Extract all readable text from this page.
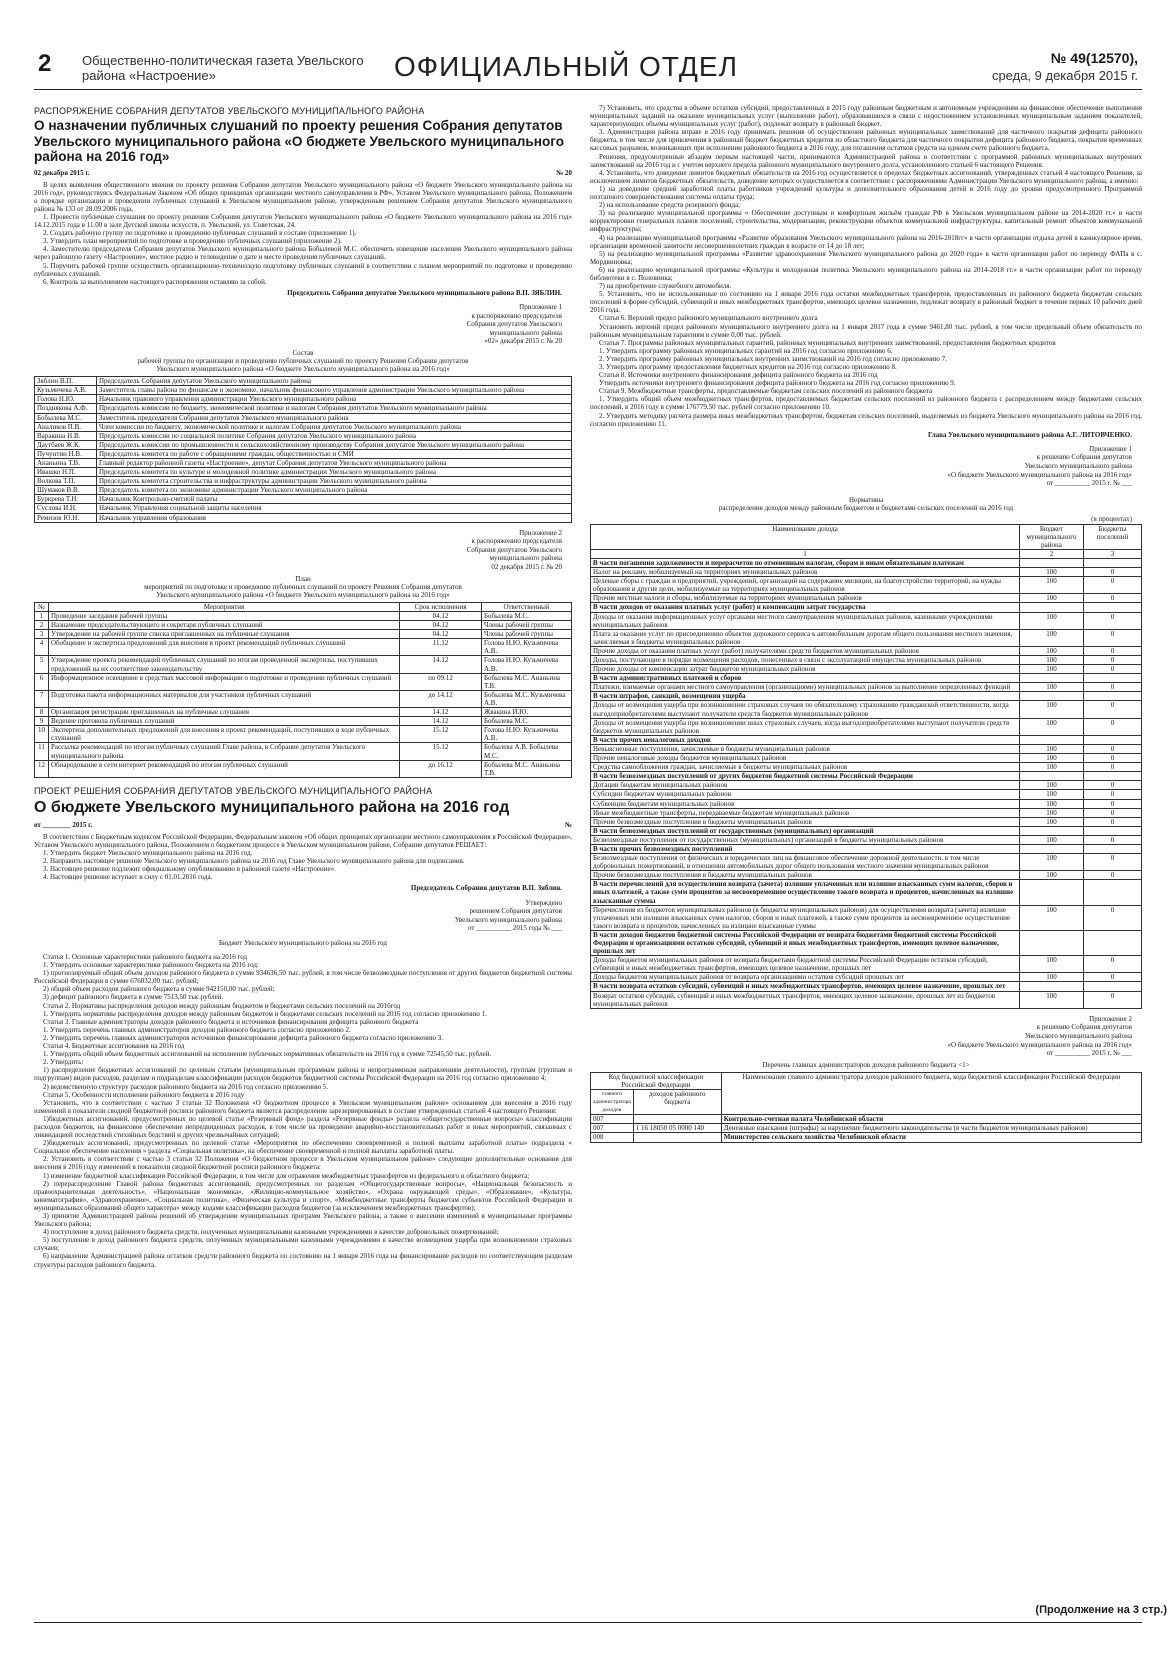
2 Общественно-политическая газета Увельского района «Настроение»	ОФИЦИАЛЬНЫЙ ОТДЕЛ	№ 49(12570),
среда, 9 декабря 2015 г.
РАСПОРЯЖЕНИЕ СОБРАНИЯ ДЕПУТАТОВ УВЕЛЬСКОГО МУНИЦИПАЛЬНОГО РАЙОНА
О назначении публичных слушаний по проекту решения Собрания депутатов Увельского муниципального района «О бюджете Увельского муниципального района на 2016 год»
02 декабря 2015 г.	№ 20

В целях выявления общественного мнения по проекту решения Собрания депутатов Увельского муниципального района «О бюджете Увельского муниципального района на 2016 год», руководствуясь Федеральным Законом «Об общих принципах организации местного самоуправления в РФ», Уставом Увельского муниципального района, Положением о порядке организации и проведении публичных слушаний в Увельском муниципальном районе, утвержденным решением Собрания депутатов Увельского муниципального района № 133 от 28.09.2006 года,

1. Провести публичные слушания по проекту решения Собрания депутатов Увельского муниципального района «О бюджете Увельского муниципального района на 2016 год» 14.12.2015 года в 11.00 в зале Детской школы искусств, п. Увельский, ул. Советская, 24.

2. Создать рабочую группу по подготовке и проведению публичных слушаний в составе (приложение 1).

3. Утвердить план мероприятий по подготовке и проведению публичных слушаний (приложение 2).

4. Заместителю председателя Собрания депутатов Увельского муниципального района Бобылевой М.С. обеспечить извещение населения Увельского муниципального района через районную газету «Настроение», местное радио и телевидение о дате и месте проведения публичных слушаний.

5. Поручить рабочей группе осуществить организационно-техническую подготовку публичных слушаний в соответствии с планом мероприятий по подготовке и проведению публичных слушаний.

6. Контроль за выполнением настоящего распоряжения оставляю за собой.

Председатель Собрания депутатов Увельского муниципального района В.П. ЗЯБЛИН.
Приложение 1
к распоряжению председателя
Собрания депутатов Увельского
муниципального района
«02» декабря 2015 г. № 20
Состав
рабочей группы по организации и проведению публичных слушаний по проекту Решения Собрания депутатов
Увельского муниципального района «О бюджете Увельского муниципального района на 2016 год»
Зяблин В.П.	Председатель Собрания депутатов Увельского муниципального района
Кузьмичева А.В.	Заместитель главы района по финансам и экономике, начальник финансового управления администрации Увельского муниципального района
Голова Н.Ю.	Начальник правового управления администрации Увельского муниципального района
Позднякова А.Ф.	Председатель комиссии по бюджету, экономической политике и налогам Собрания депутатов Увельского муниципального района
Бобылева М.С.	Заместитель председателя Собрания депутатов Увельского муниципального района
Аналиков П.В.	Член комиссии по бюджету, экономической политике и налогам Собрания депутатов Увельского муниципального района
Варакина Н.В.	Председатель комиссии по социальной политике Собрания депутатов Увельского муниципального района
Даутбаев Ж.К.	Председатель комиссии по промышленности и сельскохозяйственному производству Собрания депутатов Увельского муниципального района
Пучунтин Н.В.	Председатель комитета по работе с обращениями граждан, общественностью и СМИ
Ананьина Т.В.	Главный редактор районной газеты «Настроение», депутат Собрания депутатов Увельского муниципального района
Ивашко Н.П.	Председатель комитета по культуре и молодежной политике администрации Увельского муниципального района
Волкова Т.П.	Председатель комитета строительства и инфраструктуры администрации Увельского муниципального района
Шумаков В.В.	Председатель комитета по экономике администрации Увельского муниципального района
Буркрева Т.Н.	Начальник Контрольно-счетной палаты
Суслова И.Н.	Начальник Управления социальной защиты населения
Ремизов Ю.Н.	Начальник управления образования
Приложение 2
к распоряжению председателя
Собрания депутатов Увельского
муниципального района
02 декабря 2015 г. № 20
План
мероприятий по подготовке и проведению публичных слушаний по проекту Решения Собрания депутатов
Увельского муниципального района «О бюджете Увельского муниципального района на 2016 год»
№	Мероприятия	Срок исполнения	Ответственный
1	Проведение заседания рабочей группы	04.12	Бобылева М.С.
2	Назначение председательствующего и секретаря публичных слушаний	04.12	Члены рабочей группы
3	Утверждение на рабочей группе списка приглашенных на публичные слушания	04.12	Члены рабочей группы
4	Обобщение и экспертиза предложений для внесения в проект рекомендаций публичных слушаний	11.12	Голова Н.Ю. Кузьмичева А.В.
5	Утверждение проекта рекомендаций публичных слушаний по итогам проведенной экспертизы, поступивших предложений на их соответствие законодательству	14.12	Голова Н.Ю. Кузьмичева А.В.
6	Информационное освещение в средствах массовой информации о подготовке и проведении публичных слушаний	по 09.12	Бобылева М.С. Ананьина Т.В.
7	Подготовка пакета информационных материалов для участников публичных слушаний	до 14.12	Бобылева М.С. Кузьмичева А.В.
8	Организация регистрации приглашенных на публичные слушания	14.12	Жвакина И.Ю.
9	Ведение протокола публичных слушаний	14.12	Бобылева М.С.
10	Экспертиза дополнительных предложений для внесения в проект рекомендаций, поступивших в ходе публичных слушаний	15.12	Голова Н.Ю. Кузьмичева А.В.
11	Рассылка рекомендаций по итогам публичных слушаний Главе района, в Собрание депутатов Увельского муниципального района	15.12	Бобылева А.В. Бобылева М.С.
12	Обнародование в сети интернет рекомендаций по итогам публичных слушаний	до 16.12	Бобылева М.С. Ананьина Т.В.
ПРОЕКТ РЕШЕНИЯ СОБРАНИЯ ДЕПУТАТОВ УВЕЛЬСКОГО МУНИЦИПАЛЬНОГО РАЙОНА
О бюджете Увельского муниципального района на 2016 год
от ________ 2015 г.	№

В соответствии с Бюджетным кодексом Российской Федерации, Федеральным законом «Об общих принципах организации местного самоуправления в Российской Федерации», Уставом Увельского муниципального района, Положением о бюджетном процессе в Увельском муниципальном районе, Собрание депутатов РЕШАЕТ:

1. Утвердить бюджет Увельского муниципального района на 2016 год.

2. Направить настоящее решение Увельского муниципального района на 2016 год Главе Увельского муниципального района для подписания.

3. Настоящее решение подлежит официальному опубликованию в районной газете «Настроение».

4. Настоящее решение вступает в силу с 01.01.2016 года.

Председатель Собрания депутатов В.П. Зяблин.
Утверждено
решением Собрания депутатов
Увельского муниципального района
от __________ 2015 года № ___
Бюджет Увельского муниципального района на 2016 год

Статья 1. Основные характеристики районного бюджета на 2016 год

1. Утвердить основные характеристики районного бюджета на 2016 год:

1) прогнозируемый общий объем доходов районного бюджета в сумме 934636,50 тыс. рублей, в том числе безвозмездные поступления от других бюджетов бюджетной системы Российской Федерации в сумме 676032,00 тыс. рублей;

2) общий объем расходов районного бюджета в сумме 942150,00 тыс. рублей;

3) дефицит районного бюджета в сумме 7513,50 тыс.рублей.

Статья 2. Нормативы распределения доходов между районным бюджетом и бюджетами сельских поселений на 2016год

1. Утвердить нормативы распределения доходов между районным бюджетом и бюджетами сельских поселений на 2016 год согласно приложению 1.

Статья 3. Главные администраторы доходов районного бюджета и источников финансирования дефицита районного бюджета

1. Утвердить перечень главных администраторов доходов районного бюджета согласно приложению 2.

2. Утвердить перечень главных администраторов источников финансирования дефицита районного бюджета согласно приложению 3.

Статья 4. Бюджетные ассигнования на 2016 год

1. Утвердить общий объем бюджетных ассигнований на исполнение публичных нормативных обязательств на 2016 год в сумме 72545,50 тыс. рублей.

2. Утвердить:

1) распределение бюджетных ассигнований по целевым статьям (муниципальным программам района и непрограммным направлениям деятельности), группам (группам и подгруппам) видов расходов, разделам и подразделам классификации расходов бюджетов бюджетной системы Российской Федерации на 2016 год согласно приложению 4;

2) ведомственную структуру расходов районного бюджета на 2016 год согласно приложению 5.

Статья 5. Особенности исполнения районного бюджета в 2016 году

Установить, что в соответствии с частью 3 статьи 32 Положения «О бюджетном процессе в Увельском муниципальном районе» основанием для внесения в 2016 году изменений в показатели сводной бюджетной росписи районного бюджета является распределение зарезервированных в составе утвержденных статьей 4 настоящего Решения:

1)бюджетных ассигнований, предусмотренных по целевой статье «Резервный фонд» раздела «Резервные фонды» раздела «общегосударственные вопросы» классификации расходов бюджетов, на финансовое обеспечение непредвиденных расходов, в том числе на проведение аварийно-восстановительных работ и иных мероприятий, связанных с ликвидацией последствий стихийных бедствий и других чрезвычайных ситуаций;

2)бюджетных ассигнований, предусмотренных по целевой статье «Мероприятия по обеспечению своевременной и полной выплаты заработной платы» подраздела « Социальное обеспечение населения » раздела «Социальная политика», на обеспечение своевременной и полной выплаты заработной платы.

2. Установить в соответствии с частью 3 статьи 32 Положения «О бюджетном процессе в Увельском муниципальном районе» следующие дополнительные основания для внесения в 2016 году изменений в показатели сводной бюджетной росписи районного бюджета:

1) изменение бюджетной классификации Российской Федерации, в том числе для отражения межбюджетных трансфертов из федерального и областного бюджета;

2) перераспределение Главой района бюджетных ассигнований, предусмотренных по разделам «Общегосударственные вопросы», «Национальная безопасность и правоохранительная деятельность», «Национальная экономика», «Жилищно-коммунальное хозяйство», «Охрана окружающей среды», «Образование», «Культура, кинематография», «Здравоохранение», «Социальная политика», «Физическая культура и спорт», «Межбюджетные трансферты бюджетам субъектов Российской Федерации и муниципальных образований общего характера» между кодами классификации расходов бюджетов (за исключением межбюджетных трансфертов);

3) принятие Администрацией района решений об утверждении муниципальных программ Увельского района, а также о внесении изменений в муниципальные программы Увельского района;

4) поступление в доход районного бюджета средств, полученных муниципальными казенными учреждениями в качестве добровольных пожертвований;

5) поступление в доход районного бюджета средств, полученных муниципальными казенными учреждениями в качестве возмещения ущерба при возникновении страховых случаев;

6) направление Администрацией района остатков средств районного бюджета по состоянию на 1 января 2016 года на финансирование расходов по соответствующим разделам структуры расходов районного бюджета.

7) Установить, что средства в объеме остатков субсидий, предоставленных в 2015 году районным бюджетным и автономным учреждениям на финансовое обеспечение выполнения муниципальных заданий на оказание муниципальных услуг (выполнение работ), образовавшихся в связи с недостижением установленных муниципальным заданием показателей, характеризующих объемы муниципальных услуг (работ), подлежат возврату в районный бюджет.

3. Администрация района вправе в 2016 году принимать решения об осуществлении районных муниципальных заимствований для частичного покрытия дефицита районного бюджета, в том числе для привлечения в районный бюджет бюджетных кредитов из областного бюджета для частичного покрытия дефицита районного бюджета, покрытия временных кассовых разрывов, возникающих при исполнении районного бюджета в 2016 году, для погашения остатков средств на едином счете районного бюджета.

Решения, предусмотренные абзацем первым настоящей части, принимаются Администрацией района в соответствии с программой районных муниципальных внутренних заимствований на 2016 год и с учетом верхнего предела районного муниципального внутреннего долга, установленного статьей 6 настоящего Решения.

4. Установить, что доведение лимитов бюджетных обязательств на 2016 год осуществляется в пределах бюджетных ассигнований, утвержденных статьей 4 настоящего Решения, за исключением лимитов бюджетных обязательств, доведение которых осуществляется в соответствии с распоряжениями Администрации Увельского муниципального района, а именно:

1) на доведение средней заработной платы работников учреждений культуры и дополнительного образования детей в 2016 году до уровня предусмотренного Программой поэтапного совершенствования системы оплаты труда;

2) на использование средств резервного фонда;

3) на реализацию муниципальной программы « Обеспечение доступным и комфортным жильём граждан РФ в Увельском муниципальном районе на 2014-2020 гг.» в части корректировки генеральных планов поселений, строительства, модернизации, реконструкции объектов коммунальной инфраструктуры, капитальный ремонт объектов коммунальной инфраструктуры;

4) на реализацию муниципальной программы «Развитие образования Увельского муниципального района на 2016-2018гг» в части организации отдыха детей в каникулярное время, организации временной занятости несовершеннолетних граждан в возрасте от 14 до 18 лет;

5) на реализацию муниципальной программы «Развитие здравоохранения Увельского муниципального района до 2020 года» в части организации работ по переводу ФАПа в с. Мордвиновка;

6) на реализацию муниципальной программы «Культура и молодежная политика Увельского муниципального района на 2014-2018 гг.» в части организации работ по переводу библиотеки в с. Половинка;

7) на приобретение служебного автомобиля.

5. Установить, что не использованные по состоянию на 1 января 2016 года остатки межбюджетных трансфертов, предоставленных из районного бюджета бюджетам сельских поселений в форме субсидий, субвенций и иных межбюджетных трансфертов, имеющих целевое назначение, подлежат возврату в районный бюджет в течение первых 10 рабочих дней 2016 года.

Статья 6. Верхний предел районного муниципального внутреннего долга

Установить верхний предел районного муниципального внутреннего долга на 1 января 2017 года в сумме 9461,80 тыс. рублей, в том числе предельный объем обязательств по районным муниципальным гарантиям в сумме 0,00 тыс. рублей.

Статья 7. Программы районных муниципальных гарантий, районных муниципальных внутренних заимствований, предоставления бюджетных кредитов

1. Утвердить программу районных муниципальных гарантий на 2016 год согласно приложению 6.

2. Утвердить программу районных муниципальных внутренних заимствований на 2016 год согласно приложению 7.

3. Утвердить программу предоставления бюджетных кредитов на 2016 год согласно приложению 8.

Статья 8. Источники внутреннего финансирования дефицита районного бюджета на 2016 год

Утвердить источники внутреннего финансирования дефицита районного бюджета на 2016 год согласно приложению 9.

Статья 9. Межбюджетные трансферты, предоставляемые бюджетам сельских поселений из районного бюджета

1. Утвердить общий объем межбюджетных трансфертов, предоставляемых бюджетам сельских поселений из районного бюджета с распределением между бюджетами сельских поселений, в 2016 году в сумме 176779,50 тыс. рублей согласно приложению 10.

2. Утвердить методику расчета размера иных межбюджетных трансфертов, бюджетам сельских поселений, выделяемых из бюджета Увельского муниципального района на 2016 год, согласно приложению 11.

Глава Увельского муниципального района А.Г. ЛИТОВЧЕНКО.
Приложение 1
к решению Собрания депутатов
Увельского муниципального района
«О бюджете Увельского муниципального района на 2016 год»
от __________ 2015 г. № ___
Нормативы
распределения доходов между районным бюджетом и бюджетами сельских поселений на 2016 год
(в процентах)
Наименование дохода	Бюджет муниципального района	Бюджеты поселений
1	2	3
В части погашения задолженности и перерасчетов по отмененным налогам, сборам и иным обязательным платежам		
Налог на рекламу, мобилизуемый на территориях муниципальных районов	100	0
Целевые сборы с граждан и предприятий, учреждений, организаций на содержание милиции, на благоустройство территорий, на нужды образования и другие цели, мобилизуемые на территориях муниципальных районов	100	0
Прочие местные налоги и сборы, мобилизуемые на территориях муниципальных районов	100	0
В части доходов от оказания платных услуг (работ) и компенсации затрат государства		
Доходы от оказания информационных услуг органами местного самоуправления муниципальных районов, казенными учреждениями муниципальных районов	100	0
Плата за оказание услуг по присоединению объектов дорожного сервиса к автомобильным дорогам общего пользования местного значения, зачисляемая в бюджеты муниципальных районов	100	0
Прочие доходы от оказания платных услуг (работ) получателями средств бюджетов муниципальных районов	100	0
Доходы, поступающие в порядке возмещения расходов, понесенных в связи с эксплуатацией имущества муниципальных районов	100	0
Прочие доходы от компенсации затрат бюджетов муниципальных районов	100	0
В части административных платежей и сборов		
Платежи, взимаемые органами местного самоуправления (организациями) муниципальных районов за выполнение определенных функций	100	0
В части штрафов, санкций, возмещения ущерба		
Доходы от возмещения ущерба при возникновении страховых случаев по обязательному страхованию гражданской ответственности, когда выгодоприобретателями выступают получатели средств бюджетов муниципальных районов	100	0
Доходы от возмещения ущерба при возникновении иных страховых случаев, когда выгодоприобретателями выступают получатели средств бюджетов муниципальных районов	100	0
В части прочих неналоговых доходов		
Невыясненные поступления, зачисляемые в бюджеты муниципальных районов	100	0
Прочие неналоговые доходы бюджетов муниципальных районов	100	0
Средства самообложения граждан, зачисляемые в бюджеты муниципальных районов	100	0
В части безвозмездных поступлений от других бюджетов бюджетной системы Российской Федерации		
Дотации бюджетам муниципальных районов	100	0
Субсидии бюджетам муниципальных районов	100	0
Субвенции бюджетам муниципальных районов	100	0
Иные межбюджетные трансферты, передаваемые бюджетам муниципальных районов	100	0
Прочие безвозмездные поступления в бюджеты муниципальных районов	100	0
В части безвозмездных поступлений от государственных (муниципальных) организаций		
Безвозмездные поступления от государственных (муниципальных) организаций в бюджеты муниципальных районов	100	0
В части прочих безвозмездных поступлений		
Безвозмездные поступления от физических и юридических лиц на финансовое обеспечение дорожной деятельности, в том числе добровольных пожертвований, в отношении автомобильных дорог общего пользования местного значения муниципальных районов	100	0
Прочие безвозмездные поступления в бюджеты муниципальных районов	100	0
В части перечислений для осуществления возврата (зачета) излишне уплаченных или излишне взысканных сумм налогов, сборов и иных платежей, а также сумм процентов за несвоевременное осуществление такого возврата и процентов, начисленных на излишне взысканные суммы		
Перечисления из бюджетов муниципальных районов (в бюджеты муниципальных районов) для осуществления возврата (зачета) излишне уплаченных или излишне взысканных сумм налогов, сборов и иных платежей, а также сумм процентов за несвоевременное осуществление такого возврата и процентов, начисленных на излишне взысканные суммы	100	0
В части доходов бюджетов бюджетной системы Российской Федерации от возврата бюджетами бюджетной системы Российской Федерации и организациями остатков субсидий, субвенций и иных межбюджетных трансфертов, имеющих целевое назначение, прошлых лет		
Доходы бюджетов муниципальных районов от возврата бюджетами бюджетной системы Российской Федерации остатков субсидий, субвенций и иных межбюджетных трансфертов, имеющих целевое назначение, прошлых лет	100	0
Доходы бюджетов муниципальных районов от возврата организациями остатков субсидий прошлых лет	100	0
В части возврата остатков субсидий, субвенций и иных межбюджетных трансфертов, имеющих целевое назначение, прошлых лет		
Возврат остатков субсидий, субвенций и иных межбюджетных трансфертов, имеющих целевое назначение, прошлых лет из бюджетов муниципальных районов	100	0
Приложение 2
к решению Собрания депутатов
Увельского муниципального района
«О бюджете Увельского муниципального района на 2016 год»
от __________ 2015 г. № ___
Перечень главных администраторов доходов районного бюджета <1>
Код бюджетной классификации Российской Федерации		Наименование главного администратора доходов районного бюджета, кода бюджетной классификации Российской Федерации
главного администратора доходов	доходов районного бюджета	
007		Контрольно-счетная палата Челябинской области
007	1 16 18050 05 0000 140	Денежные взыскания (штрафы) за нарушение бюджетного законодательства (в части бюджетов муниципальных районов)
008		Министерство сельского хозяйства Челябинской области
(Продолжение на 3 стр.)
